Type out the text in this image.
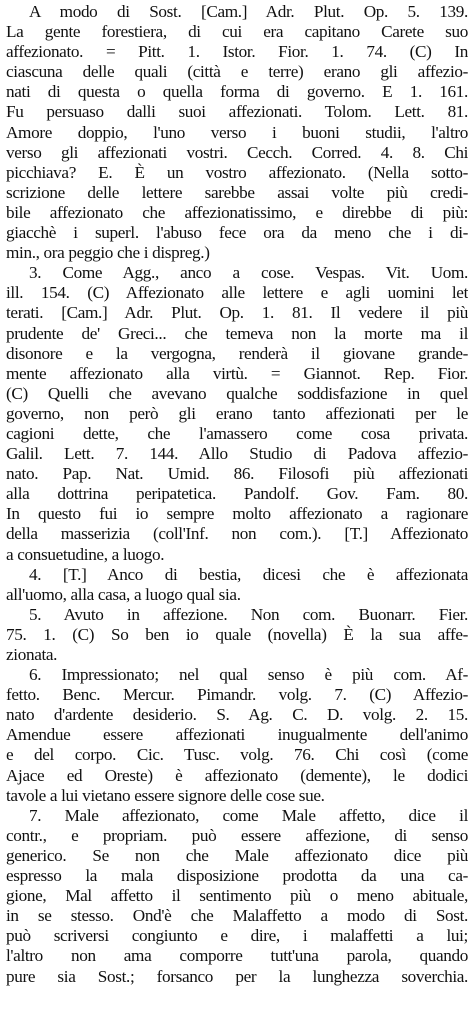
A modo di Sost. [Cam.] Adr. Plut. Op. 5. 139.
La gente forestiera, di cui era capitano Carete suo
affezionato. = Pitt. 1. Istor. Fior. 1. 74. (C) In
ciascuna delle quali (città e terre) erano gli affezio-
nati di questa o quella forma di governo. E 1. 161.
Fu persuaso dalli suoi affezionati. Tolom. Lett. 81.
Amore doppio, l'uno verso i buoni studii, l'altro
verso gli affezionati vostri. Cecch. Corred. 4. 8. Chi
picchiava? E. È un vostro affezionato. (Nella sotto-
scrizione delle lettere sarebbe assai volte più credi-
bile affezionato che affezionatissimo, e direbbe di più:
giacchè i superl. l'abuso fece ora da meno che i di-
min., ora peggio che i dispreg.)
3. Come Agg., anco a cose. Vespas. Vit. Uom.
ill. 154. (C) Affezionato alle lettere e agli uomini let
terati. [Cam.] Adr. Plut. Op. 1. 81. Il vedere il più
prudente de' Greci... che temeva non la morte ma il
disonore e la vergogna, renderà il giovane grande-
mente affezionato alla virtù. = Giannot. Rep. Fior.
(C) Quelli che avevano qualche soddisfazione in quel
governo, non però gli erano tanto affezionati per le
cagioni dette, che l'amassero come cosa privata.
Galil. Lett. 7. 144. Allo Studio di Padova affezio-
nato. Pap. Nat. Umid. 86. Filosofi più affezionati
alla dottrina peripatetica. Pandolf. Gov. Fam. 80.
In questo fui io sempre molto affezionato a ragionare
della masserizia (coll'Inf. non com.). [T.] Affezionato
a consuetudine, a luogo.
4. [T.] Anco di bestia, dicesi che è affezionata
all'uomo, alla casa, a luogo qual sia.
5. Avuto in affezione. Non com. Buonarr. Fier.
75. 1. (C) So ben io quale (novella) È la sua affe-
zionata.
6. Impressionato; nel qual senso è più com. Af-
fetto. Benc. Mercur. Pimandr. volg. 7. (C) Affezio-
nato d'ardente desiderio. S. Ag. C. D. volg. 2. 15.
Amendue essere affezionati inugualmente dell'animo
e del corpo. Cic. Tusc. volg. 76. Chi così (come
Ajace ed Oreste) è affezionato (demente), le dodici
tavole a lui vietano essere signore delle cose sue.
7. Male affezionato, come Male affetto, dice il
contr., e propriam. può essere affezione, di senso
generico. Se non che Male affezionato dice più
espresso la mala disposizione prodotta da una ca-
gione, Mal affetto il sentimento più o meno abituale,
in se stesso. Ond'è che Malaffetto a modo di Sost.
può scriversi congiunto e dire, i malaffetti a lui;
l'altro non ama comporre tutt'una parola, quando
pure sia Sost.; forsanco per la lunghezza soverchia.
